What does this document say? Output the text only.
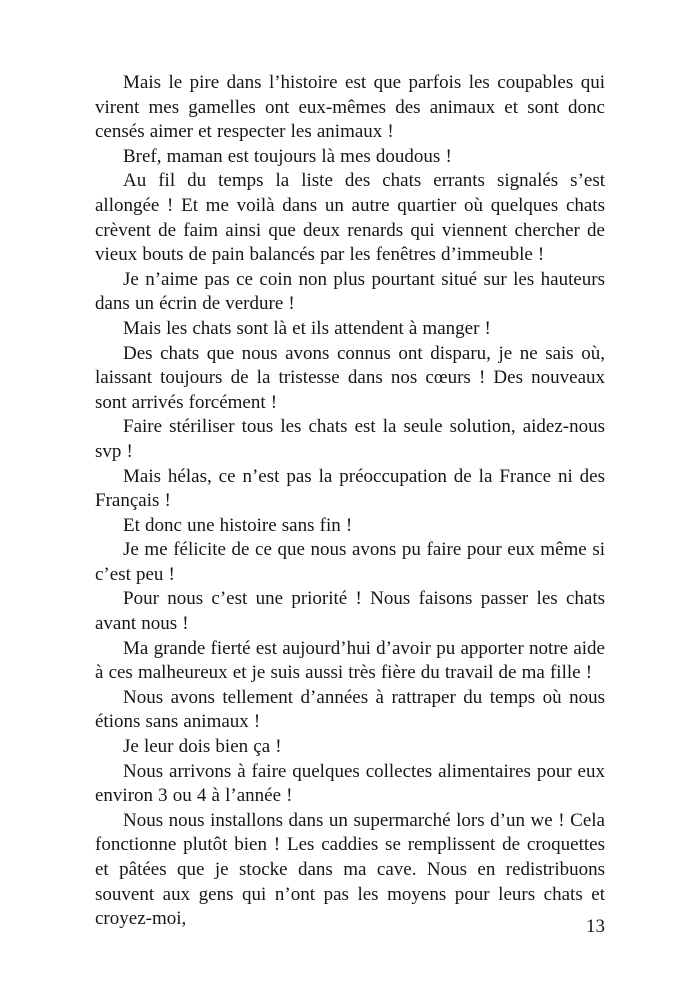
Mais le pire dans l’histoire est que parfois les coupables qui virent mes gamelles ont eux-mêmes des animaux et sont donc censés aimer et respecter les animaux !

Bref, maman est toujours là mes doudous !

Au fil du temps la liste des chats errants signalés s’est allongée ! Et me voilà dans un autre quartier où quelques chats crèvent de faim ainsi que deux renards qui viennent chercher de vieux bouts de pain balancés par les fenêtres d’immeuble !

Je n’aime pas ce coin non plus pourtant situé sur les hauteurs dans un écrin de verdure !

Mais les chats sont là et ils attendent à manger !

Des chats que nous avons connus ont disparu, je ne sais où, laissant toujours de la tristesse dans nos cœurs ! Des nouveaux sont arrivés forcément !

Faire stériliser tous les chats est la seule solution, aidez-nous svp !

Mais hélas, ce n’est pas la préoccupation de la France ni des Français !

Et donc une histoire sans fin !

Je me félicite de ce que nous avons pu faire pour eux même si c’est peu !

Pour nous c’est une priorité ! Nous faisons passer les chats avant nous !

Ma grande fierté est aujourd’hui d’avoir pu apporter notre aide à ces malheureux et je suis aussi très fière du travail de ma fille !

Nous avons tellement d’années à rattraper du temps où nous étions sans animaux !

Je leur dois bien ça !

Nous arrivons à faire quelques collectes alimentaires pour eux environ 3 ou 4 à l’année !

Nous nous installons dans un supermarché lors d’un we ! Cela fonctionne plutôt bien ! Les caddies se remplissent de croquettes et pâtées que je stocke dans ma cave. Nous en redistribuons souvent aux gens qui n’ont pas les moyens pour leurs chats et croyez-moi,	13
